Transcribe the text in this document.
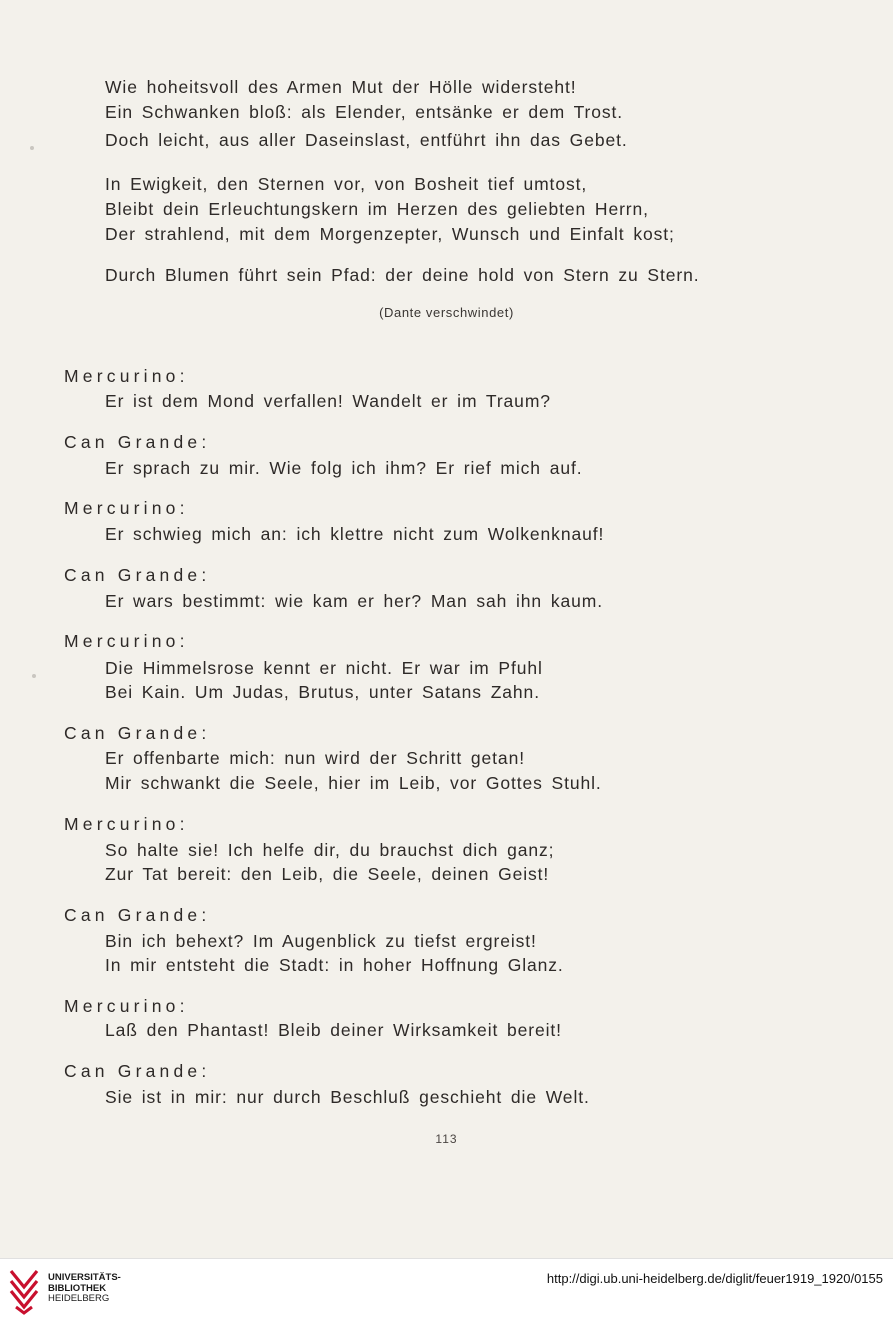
Wie hoheitsvoll des Armen Mut der Hölle widersteht!
Ein Schwanken bloß: als Elender, entsänke er dem Trost.
Doch leicht, aus aller Daseinslast, entführt ihn das Gebet.
In Ewigkeit, den Sternen vor, von Bosheit tief umtost,
Bleibt dein Erleuchtungskern im Herzen des geliebten Herrn,
Der strahlend, mit dem Morgenzepter, Wunsch und Einfalt kost;
Durch Blumen führt sein Pfad: der deine hold von Stern zu Stern.
(Dante verschwindet)
Mercurino:
Er ist dem Mond verfallen! Wandelt er im Traum?
Can Grande:
Er sprach zu mir. Wie folg ich ihm? Er rief mich auf.
Mercurino:
Er schwieg mich an: ich klettre nicht zum Wolkenknauf!
Can Grande:
Er wars bestimmt: wie kam er her? Man sah ihn kaum.
Mercurino:
Die Himmelsrose kennt er nicht. Er war im Pfuhl
Bei Kain. Um Judas, Brutus, unter Satans Zahn.
Can Grande:
Er offenbarte mich: nun wird der Schritt getan!
Mir schwankt die Seele, hier im Leib, vor Gottes Stuhl.
Mercurino:
So halte sie! Ich helfe dir, du brauchst dich ganz;
Zur Tat bereit: den Leib, die Seele, deinen Geist!
Can Grande:
Bin ich behext? Im Augenblick zu tiefst ergreist!
In mir entsteht die Stadt: in hoher Hoffnung Glanz.
Mercurino:
Laß den Phantast! Bleib deiner Wirksamkeit bereit!
Can Grande:
Sie ist in mir: nur durch Beschluß geschieht die Welt.
113
UNIVERSITÄTS-
BIBLIOTHEK
HEIDELBERG
http://digi.ub.uni-heidelberg.de/diglit/feuer1919_1920/0155
